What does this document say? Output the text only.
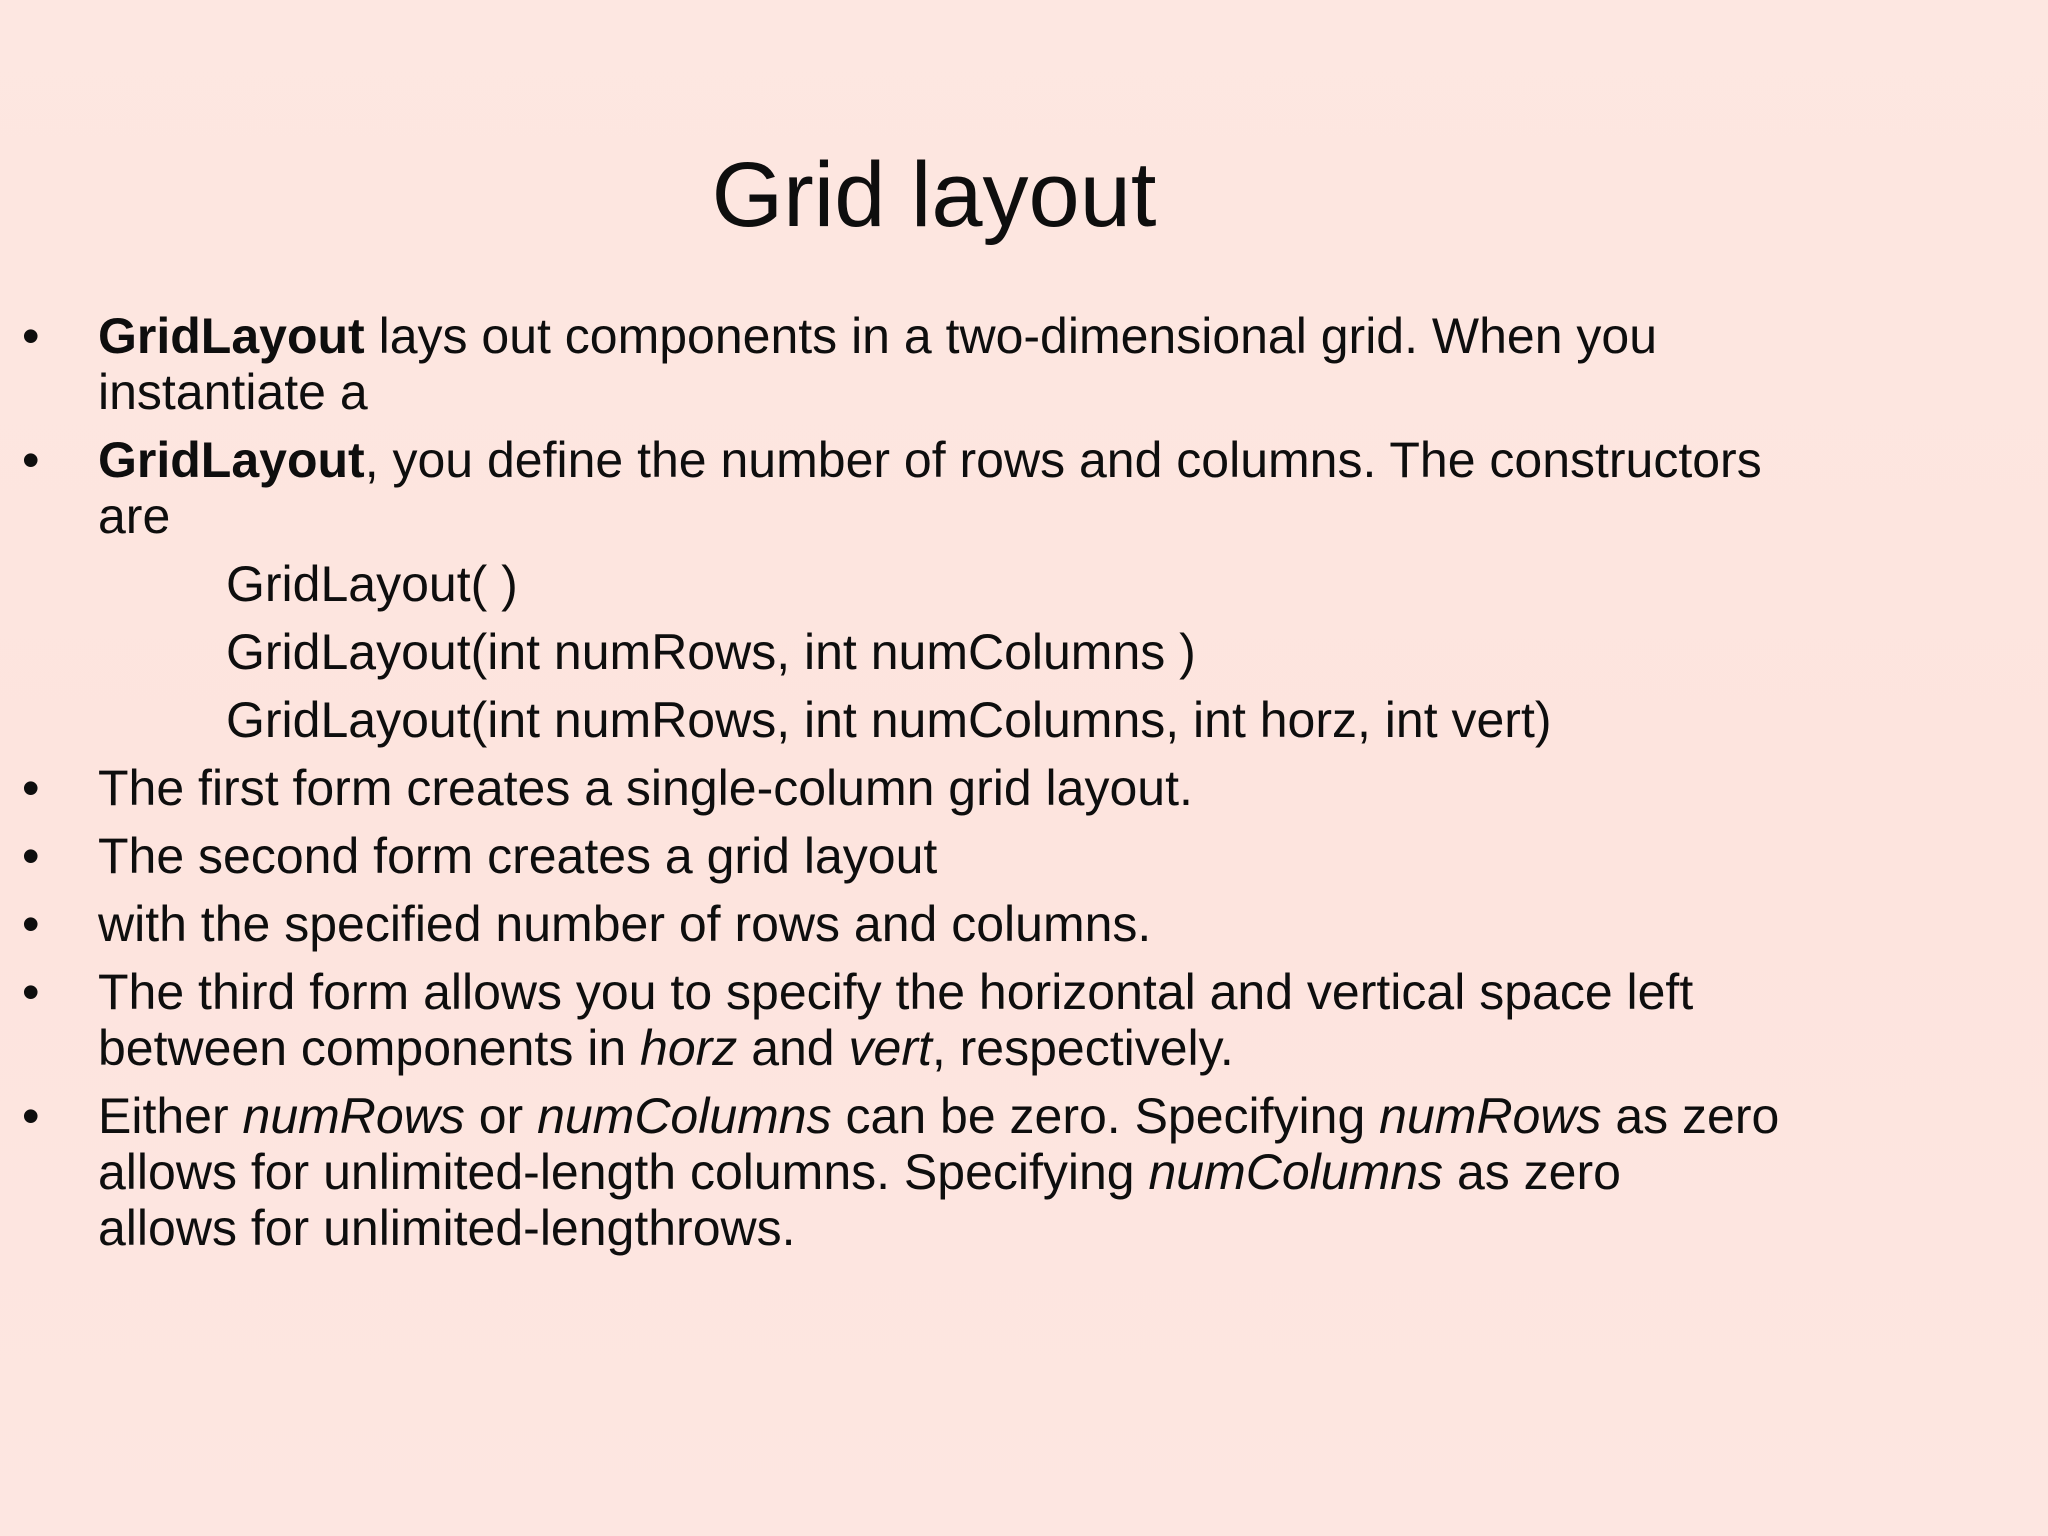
Grid layout
•	GridLayout lays out components in a two-dimensional grid. When you
instantiate a
•	GridLayout, you define the number of rows and columns. The constructors
are
GridLayout( )
GridLayout(int numRows, int numColumns )
GridLayout(int numRows, int numColumns, int horz, int vert)
•	The first form creates a single-column grid layout.
•	The second form creates a grid layout
•	with the specified number of rows and columns.
•	The third form allows you to specify the horizontal and vertical space left
between components in horz and vert, respectively.
•	Either numRows or numColumns can be zero. Specifying numRows as zero
allows for unlimited-length columns. Specifying numColumns as zero
allows for unlimited-lengthrows.
